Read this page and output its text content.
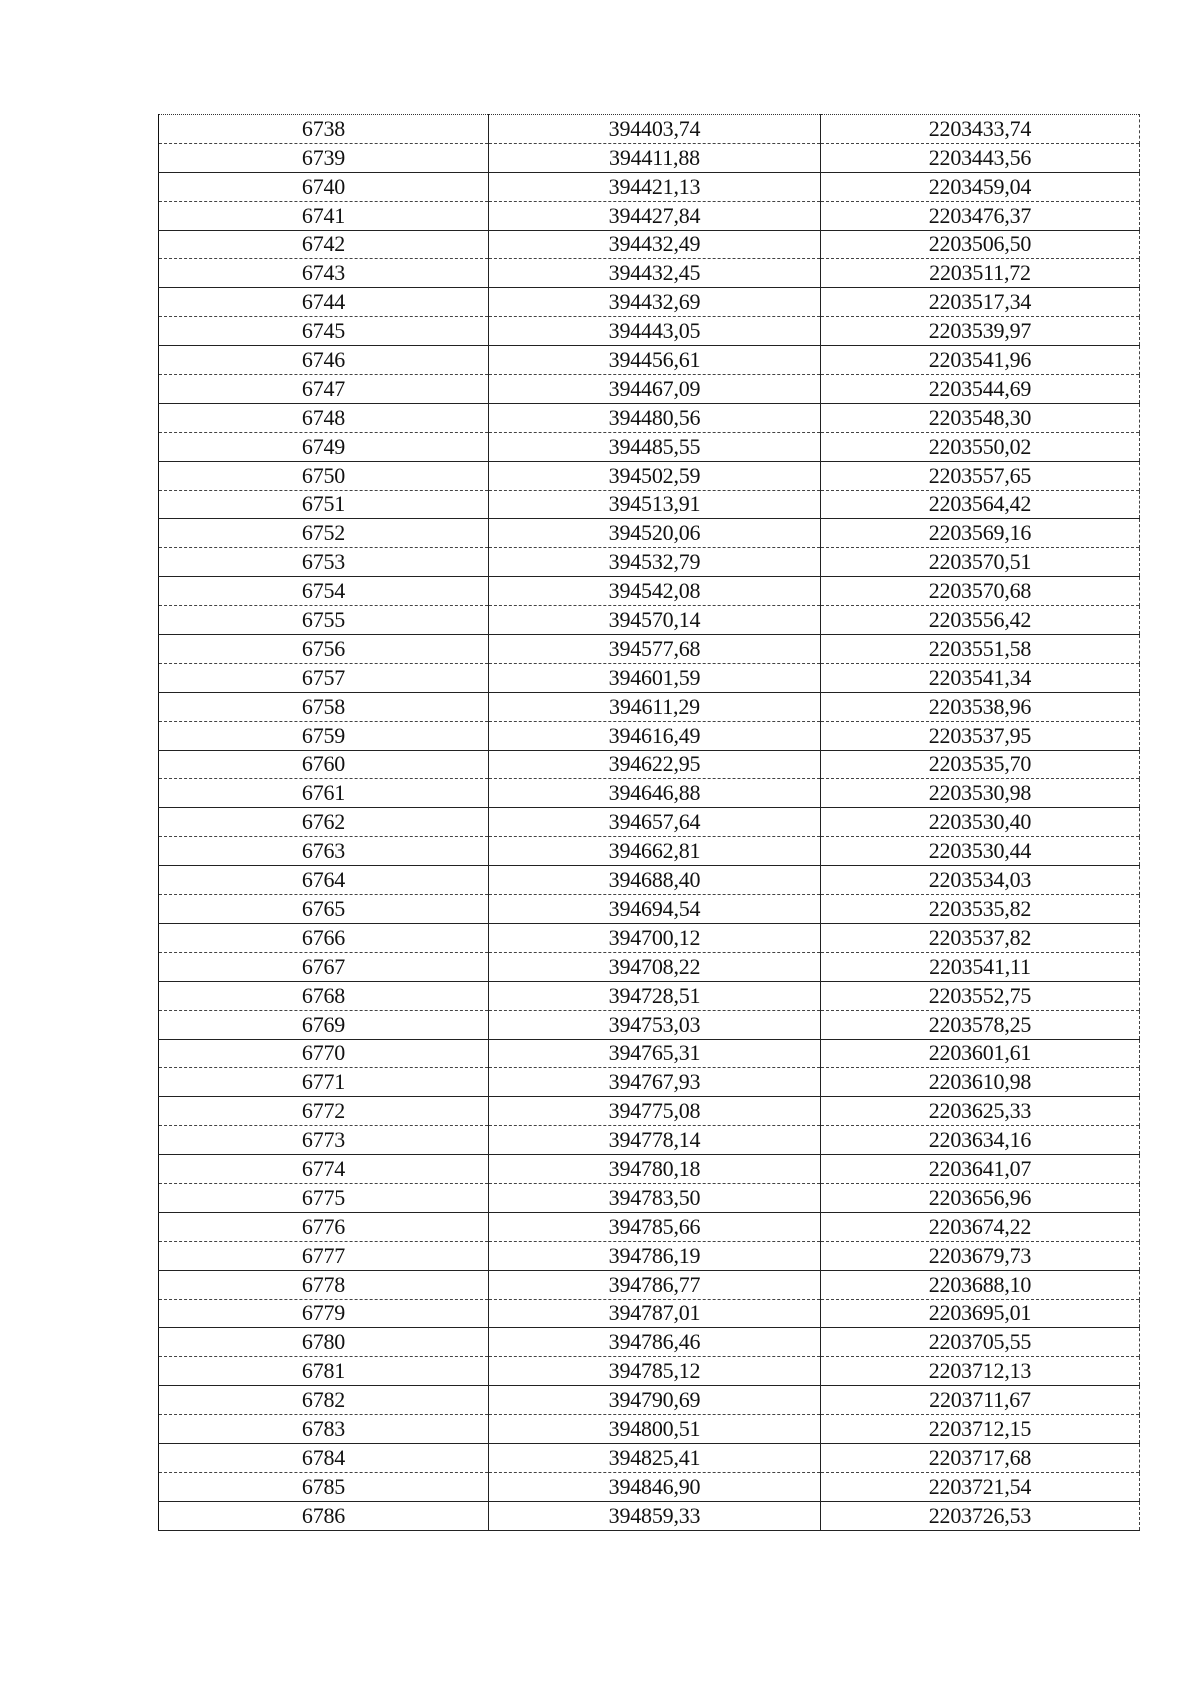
6738	394403,74	2203433,74
6739	394411,88	2203443,56
6740	394421,13	2203459,04
6741	394427,84	2203476,37
6742	394432,49	2203506,50
6743	394432,45	2203511,72
6744	394432,69	2203517,34
6745	394443,05	2203539,97
6746	394456,61	2203541,96
6747	394467,09	2203544,69
6748	394480,56	2203548,30
6749	394485,55	2203550,02
6750	394502,59	2203557,65
6751	394513,91	2203564,42
6752	394520,06	2203569,16
6753	394532,79	2203570,51
6754	394542,08	2203570,68
6755	394570,14	2203556,42
6756	394577,68	2203551,58
6757	394601,59	2203541,34
6758	394611,29	2203538,96
6759	394616,49	2203537,95
6760	394622,95	2203535,70
6761	394646,88	2203530,98
6762	394657,64	2203530,40
6763	394662,81	2203530,44
6764	394688,40	2203534,03
6765	394694,54	2203535,82
6766	394700,12	2203537,82
6767	394708,22	2203541,11
6768	394728,51	2203552,75
6769	394753,03	2203578,25
6770	394765,31	2203601,61
6771	394767,93	2203610,98
6772	394775,08	2203625,33
6773	394778,14	2203634,16
6774	394780,18	2203641,07
6775	394783,50	2203656,96
6776	394785,66	2203674,22
6777	394786,19	2203679,73
6778	394786,77	2203688,10
6779	394787,01	2203695,01
6780	394786,46	2203705,55
6781	394785,12	2203712,13
6782	394790,69	2203711,67
6783	394800,51	2203712,15
6784	394825,41	2203717,68
6785	394846,90	2203721,54
6786	394859,33	2203726,53
